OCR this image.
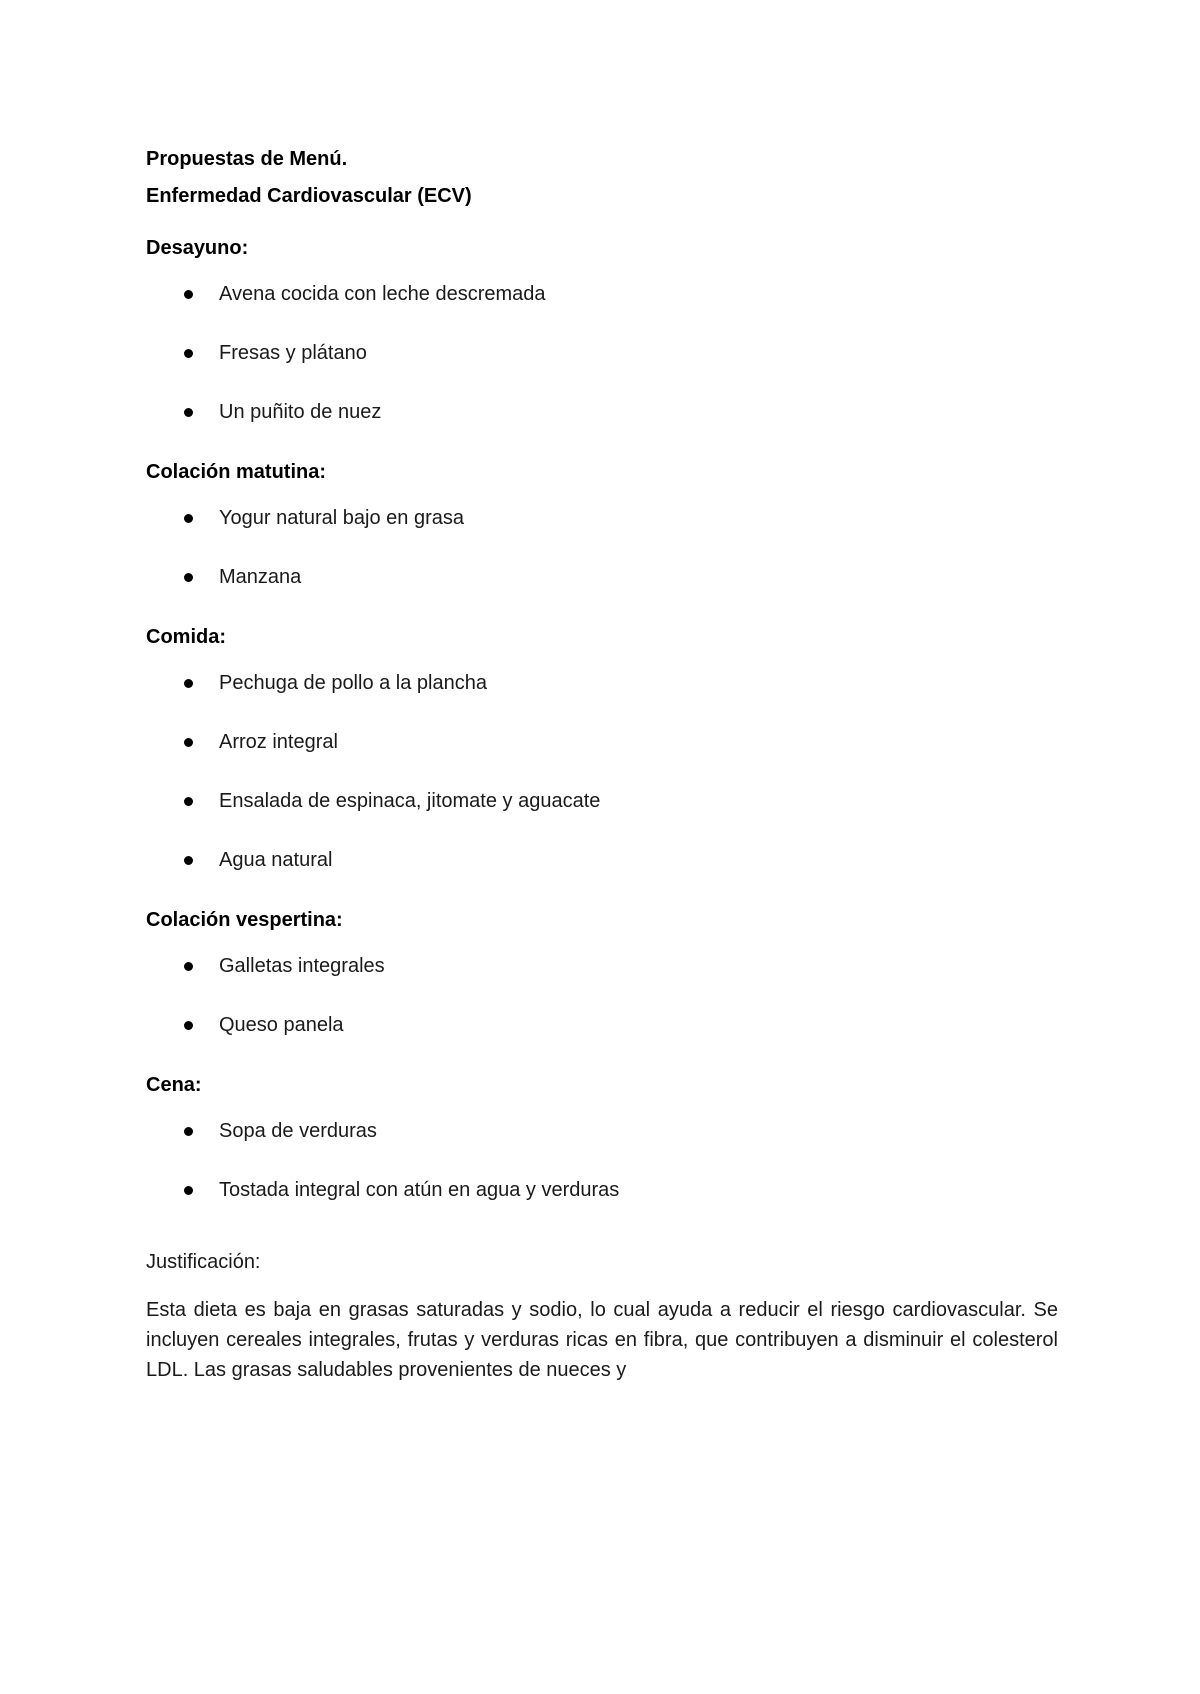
Propuestas de Menú.

Enfermedad Cardiovascular (ECV)

Desayuno:

Avena cocida con leche descremada
Fresas y plátano
Un puñito de nuez

Colación matutina:

Yogur natural bajo en grasa
Manzana

Comida:

Pechuga de pollo a la plancha
Arroz integral
Ensalada de espinaca, jitomate y aguacate
Agua natural

Colación vespertina:

Galletas integrales
Queso panela

Cena:

Sopa de verduras
Tostada integral con atún en agua y verduras

Justificación:

Esta dieta es baja en grasas saturadas y sodio, lo cual ayuda a reducir el riesgo cardiovascular. Se incluyen cereales integrales, frutas y verduras ricas en fibra, que contribuyen a disminuir el colesterol LDL. Las grasas saludables provenientes de nueces y
